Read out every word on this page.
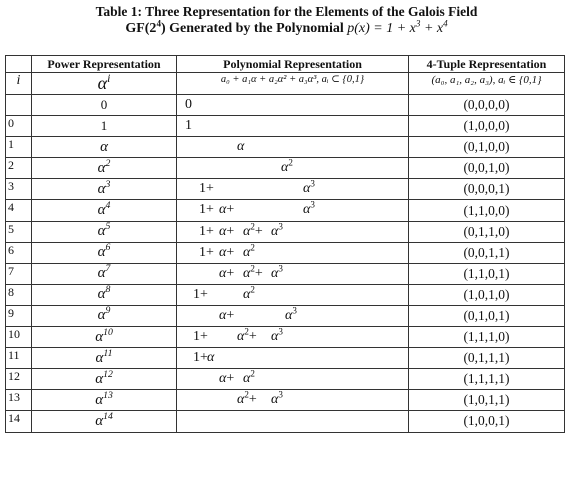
Table 1: Three Representation for the Elements of the Galois Field
$GF(2^4)$ Generated by the Polynomial $p(x) = 1 + x^3 + x^4$
	Power Representation	Polynomial Representation	4-Tuple Representation
i	$\alpha^i$	a₀ + a₁α + a₂α² + a₃α³, aᵢ ⊂ {0,1}	(a₀, a₁, a₂, a₃), aᵢ ∈ {0,1}
	0	0	(0,0,0,0)
0	1	1	(1,0,0,0)
1	α	α	(0,1,0,0)
2	$\alpha^2$	$\alpha^2$	(0,0,1,0)
3	$\alpha^3$	$1+ \alpha^3$	(0,0,0,1)
4	$\alpha^4$	$1+ \alpha+ \alpha^3$	(1,1,0,0)
5	$\alpha^5$	$1+ \alpha+ \alpha^2+ \alpha^3$	(0,1,1,0)
6	$\alpha^6$	$1+ \alpha+ \alpha^2$	(0,0,1,1)
7	$\alpha^7$	$\alpha+ \alpha^2+ \alpha^3$	(1,1,0,1)
8	$\alpha^8$	$1+ \alpha^2$	(1,0,1,0)
9	$\alpha^9$	$\alpha+ \alpha^3$	(0,1,0,1)
10	$\alpha^{10}$	$1+ \alpha^2+ \alpha^3$	(1,1,1,0)
11	$\alpha^{11}$	1+ α	(0,1,1,1)
12	$\alpha^{12}$	$\alpha+ \alpha^2$	(1,1,1,1)
13	$\alpha^{13}$	$\alpha^2+ \alpha^3$	(1,0,1,1)
14	$\alpha^{14}$		(1,0,0,1)
